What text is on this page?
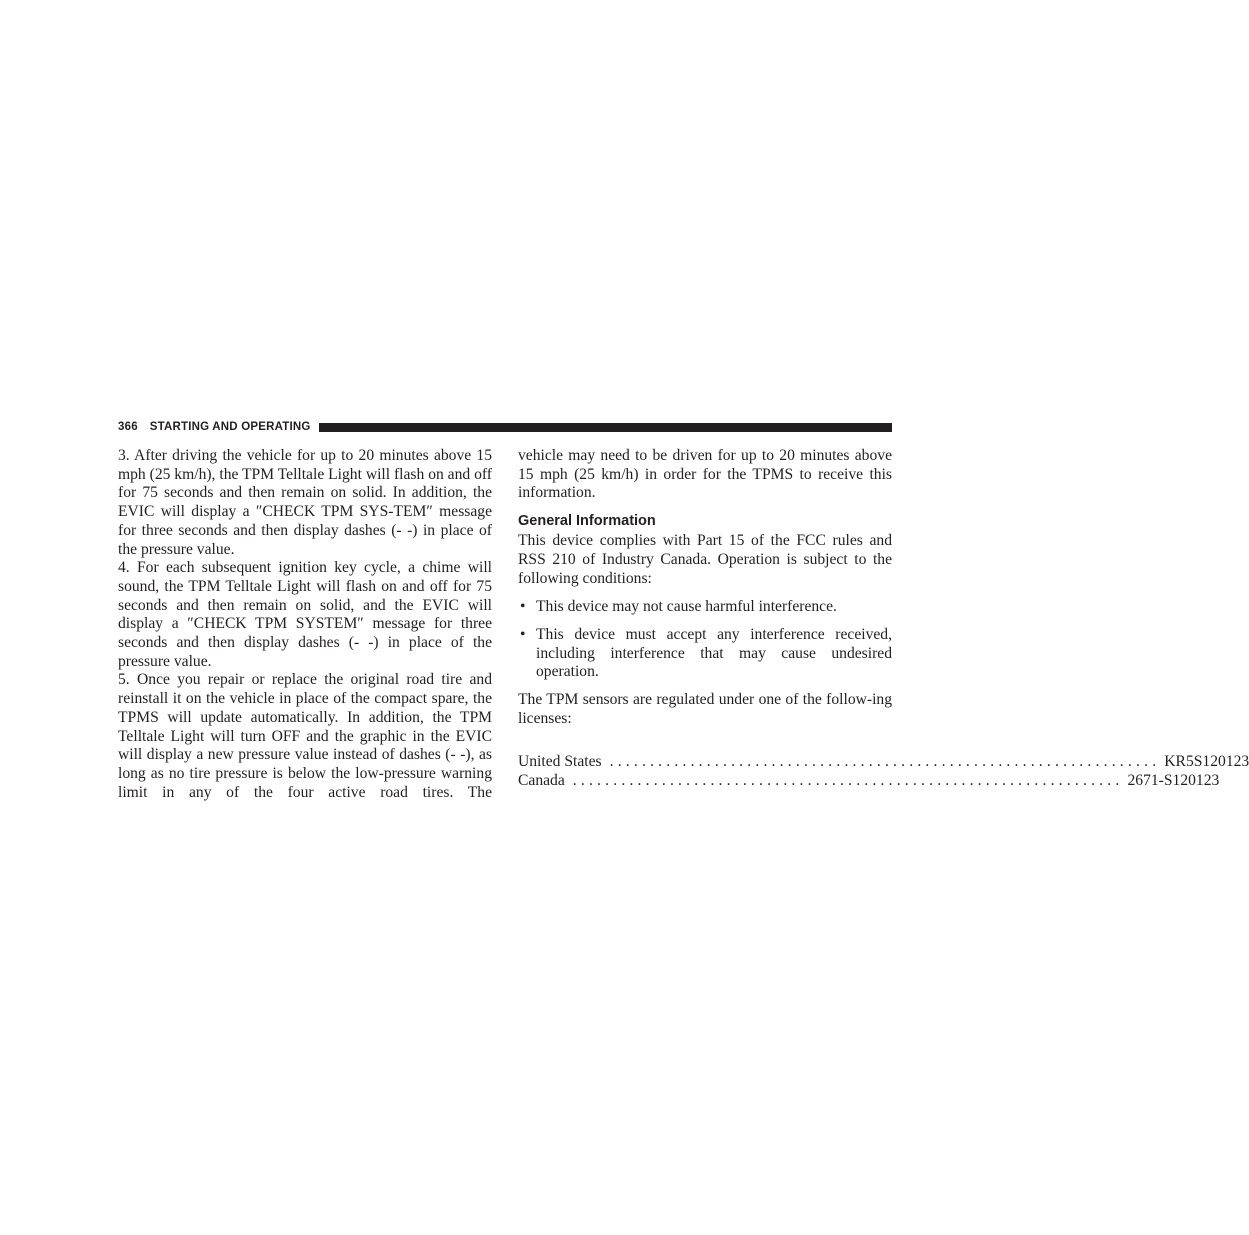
366 STARTING AND OPERATING

3. After driving the vehicle for up to 20 minutes above 15 mph (25 km/h), the TPM Telltale Light will flash on and off for 75 seconds and then remain on solid. In addition, the EVIC will display a ″CHECK TPM SYS-TEM″ message for three seconds and then display dashes (- -) in place of the pressure value.

4. For each subsequent ignition key cycle, a chime will sound, the TPM Telltale Light will flash on and off for 75 seconds and then remain on solid, and the EVIC will display a ″CHECK TPM SYSTEM″ message for three seconds and then display dashes (- -) in place of the pressure value.

5. Once you repair or replace the original road tire and reinstall it on the vehicle in place of the compact spare, the TPMS will update automatically. In addition, the TPM Telltale Light will turn OFF and the graphic in the EVIC will display a new pressure value instead of dashes (- -), as long as no tire pressure is below the low-pressure warning limit in any of the four active road tires. The

vehicle may need to be driven for up to 20 minutes above 15 mph (25 km/h) in order for the TPMS to receive this information.

General Information

This device complies with Part 15 of the FCC rules and RSS 210 of Industry Canada. Operation is subject to the following conditions:

• This device may not cause harmful interference.
• This device must accept any interference received, including interference that may cause undesired operation.

The TPM sensors are regulated under one of the follow-ing licenses:

United States .................................................................... KR5S120123
Canada .................................................................... 2671-S120123
